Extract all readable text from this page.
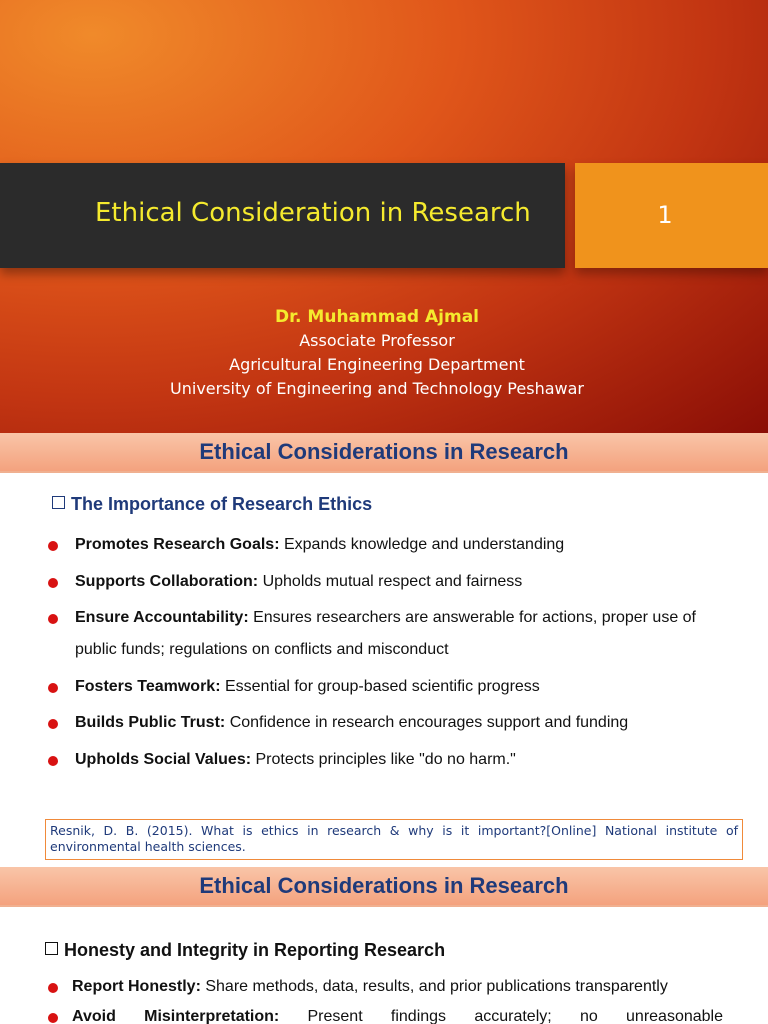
Ethical Consideration in Research	1
Dr. Muhammad Ajmal
Associate Professor
Agricultural Engineering Department
University of Engineering and Technology Peshawar
Ethical Considerations in Research
The Importance of Research Ethics
Promotes Research Goals: Expands knowledge and understanding
Supports Collaboration: Upholds mutual respect and fairness
Ensure Accountability: Ensures researchers are answerable for actions, proper use of public funds; regulations on conflicts and misconduct
Fosters Teamwork: Essential for group-based scientific progress
Builds Public Trust: Confidence in research encourages support and funding
Upholds Social Values: Protects principles like "do no harm."
Resnik, D. B. (2015). What is ethics in research & why is it important?[Online] National institute of environmental health sciences.
Ethical Considerations in Research
Honesty and Integrity in Reporting Research
Report Honestly: Share methods, data, results, and prior publications transparently
Avoid Misinterpretation: Present findings accurately; no unreasonable
